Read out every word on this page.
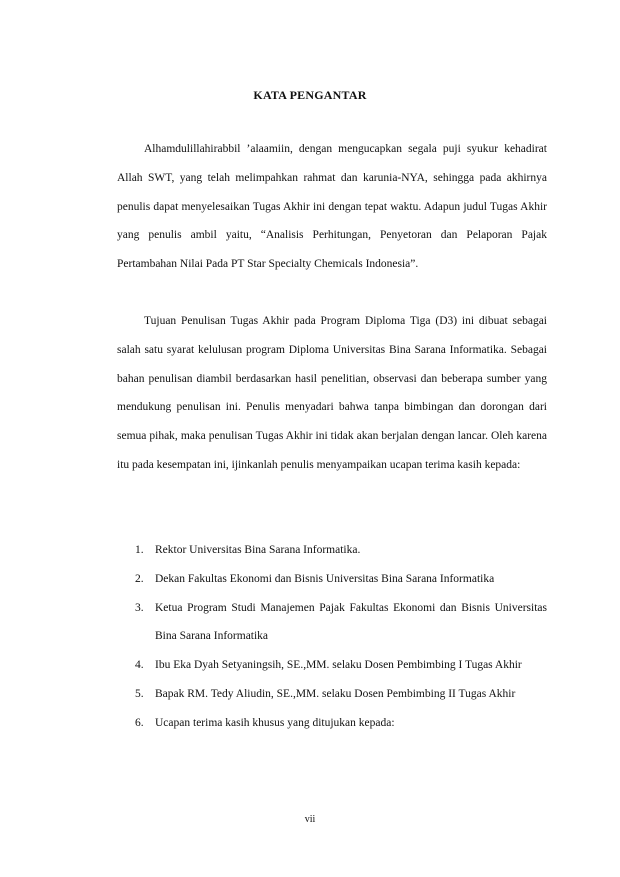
KATA PENGANTAR

Alhamdulillahirabbil ’alaamiin, dengan mengucapkan segala puji syukur kehadirat Allah SWT, yang telah melimpahkan rahmat dan karunia-NYA, sehingga pada akhirnya penulis dapat menyelesaikan Tugas Akhir ini dengan tepat waktu. Adapun judul Tugas Akhir yang penulis ambil yaitu, “Analisis Perhitungan, Penyetoran dan Pelaporan Pajak Pertambahan Nilai Pada PT Star Specialty Chemicals Indonesia”.

Tujuan Penulisan Tugas Akhir pada Program Diploma Tiga (D3) ini dibuat sebagai salah satu syarat kelulusan program Diploma Universitas Bina Sarana Informatika. Sebagai bahan penulisan diambil berdasarkan hasil penelitian, observasi dan beberapa sumber yang mendukung penulisan ini. Penulis menyadari bahwa tanpa bimbingan dan dorongan dari semua pihak, maka penulisan Tugas Akhir ini tidak akan berjalan dengan lancar. Oleh karena itu pada kesempatan ini, ijinkanlah penulis menyampaikan ucapan terima kasih kepada:

1. Rektor Universitas Bina Sarana Informatika.
2. Dekan Fakultas Ekonomi dan Bisnis Universitas Bina Sarana Informatika
3. Ketua Program Studi Manajemen Pajak Fakultas Ekonomi dan Bisnis Universitas Bina Sarana Informatika
4. Ibu Eka Dyah Setyaningsih, SE.,MM. selaku Dosen Pembimbing I Tugas Akhir
5. Bapak RM. Tedy Aliudin, SE.,MM. selaku Dosen Pembimbing II Tugas Akhir
6. Ucapan terima kasih khusus yang ditujukan kepada:
vii
